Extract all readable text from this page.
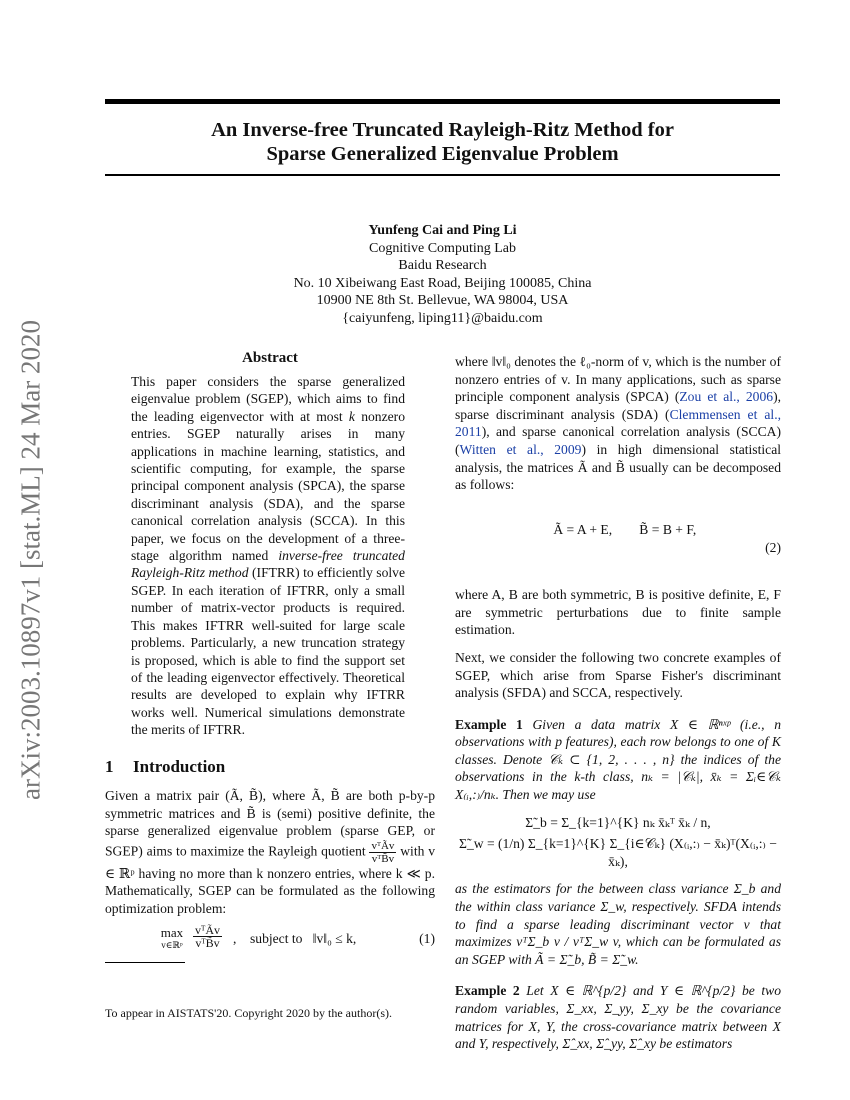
arXiv:2003.10897v1 [stat.ML] 24 Mar 2020
An Inverse-free Truncated Rayleigh-Ritz Method for
Sparse Generalized Eigenvalue Problem
Yunfeng Cai and Ping Li
Cognitive Computing Lab
Baidu Research
No. 10 Xibeiwang East Road, Beijing 100085, China
10900 NE 8th St. Bellevue, WA 98004, USA
{caiyunfeng, liping11}@baidu.com
Abstract
This paper considers the sparse generalized eigenvalue problem (SGEP), which aims to find the leading eigenvector with at most k nonzero entries. SGEP naturally arises in many applications in machine learning, statistics, and scientific computing, for example, the sparse principal component analysis (SPCA), the sparse discriminant analysis (SDA), and the sparse canonical correlation analysis (SCCA). In this paper, we focus on the development of a three-stage algorithm named inverse-free truncated Rayleigh-Ritz method (IFTRR) to efficiently solve SGEP. In each iteration of IFTRR, only a small number of matrix-vector products is required. This makes IFTRR well-suited for large scale problems. Particularly, a new truncation strategy is proposed, which is able to find the support set of the leading eigenvector effectively. Theoretical results are developed to explain why IFTRR works well. Numerical simulations demonstrate the merits of IFTRR.
1 Introduction
Given a matrix pair (Ã, B̃), where Ã, B̃ are both p-by-p symmetric matrices and B̃ is (semi) positive definite, the sparse generalized eigenvalue problem (sparse GEP, or SGEP) aims to maximize the Rayleigh quotient $\frac{\text{vᵀÃv}}{\text{vᵀB̃v}}$ with v ∈ ℝᵖ having no more than k nonzero entries, where k ≪ p. Mathematically, SGEP can be formulated as the following optimization problem:
max
v∈ℝᵖ
vᵀÃv
vᵀB̃v ,    subject to   ‖v‖₀ ≤ k,	(1)
To appear in AISTATS'20. Copyright 2020 by the author(s).

where ‖v‖₀ denotes the ℓ₀-norm of v, which is the number of nonzero entries of v. In many applications, such as sparse principle component analysis (SPCA) (Zou et al., 2006), sparse discriminant analysis (SDA) (Clemmensen et al., 2011), and sparse canonical correlation analysis (SCCA) (Witten et al., 2009) in high dimensional statistical analysis, the matrices Ã and B̃ usually can be decomposed as follows:

Ã = A + E,        B̃ = B + F,

(2)

where A, B are both symmetric, B is positive definite, E, F are symmetric perturbations due to finite sample estimation.

Next, we consider the following two concrete examples of SGEP, which arise from Sparse Fisher's discriminant analysis (SFDA) and SCCA, respectively.

Example 1 Given a data matrix X ∈ ℝⁿˣᵖ (i.e., n observations with p features), each row belongs to one of K classes. Denote 𝒞ₖ ⊂ {1, 2, . . . , n} the indices of the observations in the k-th class, nₖ = |𝒞ₖ|, x̄ₖ = Σᵢ∈𝒞ₖ X₍ᵢ,:₎/nₖ. Then we may use

Σ̃_b = Σ_{k=1}^{K} nₖ x̄ₖᵀ x̄ₖ / n,
Σ̃_w = (1/n) Σ_{k=1}^{K} Σ_{i∈𝒞ₖ} (X₍ᵢ,:₎ − x̄ₖ)ᵀ(X₍ᵢ,:₎ − x̄ₖ),

as the estimators for the between class variance Σ_b and the within class variance Σ_w, respectively. SFDA intends to find a sparse leading discriminant vector v that maximizes vᵀΣ_b v / vᵀΣ_w v, which can be formulated as an SGEP with Ã = Σ̃_b, B̃ = Σ̃_w.

Example 2 Let X ∈ ℝ^{p/2} and Y ∈ ℝ^{p/2} be two random variables, Σ_xx, Σ_yy, Σ_xy be the covariance matrices for X, Y, the cross-covariance matrix between X and Y, respectively, Σ̂_xx, Σ̂_yy, Σ̂_xy be estimators
